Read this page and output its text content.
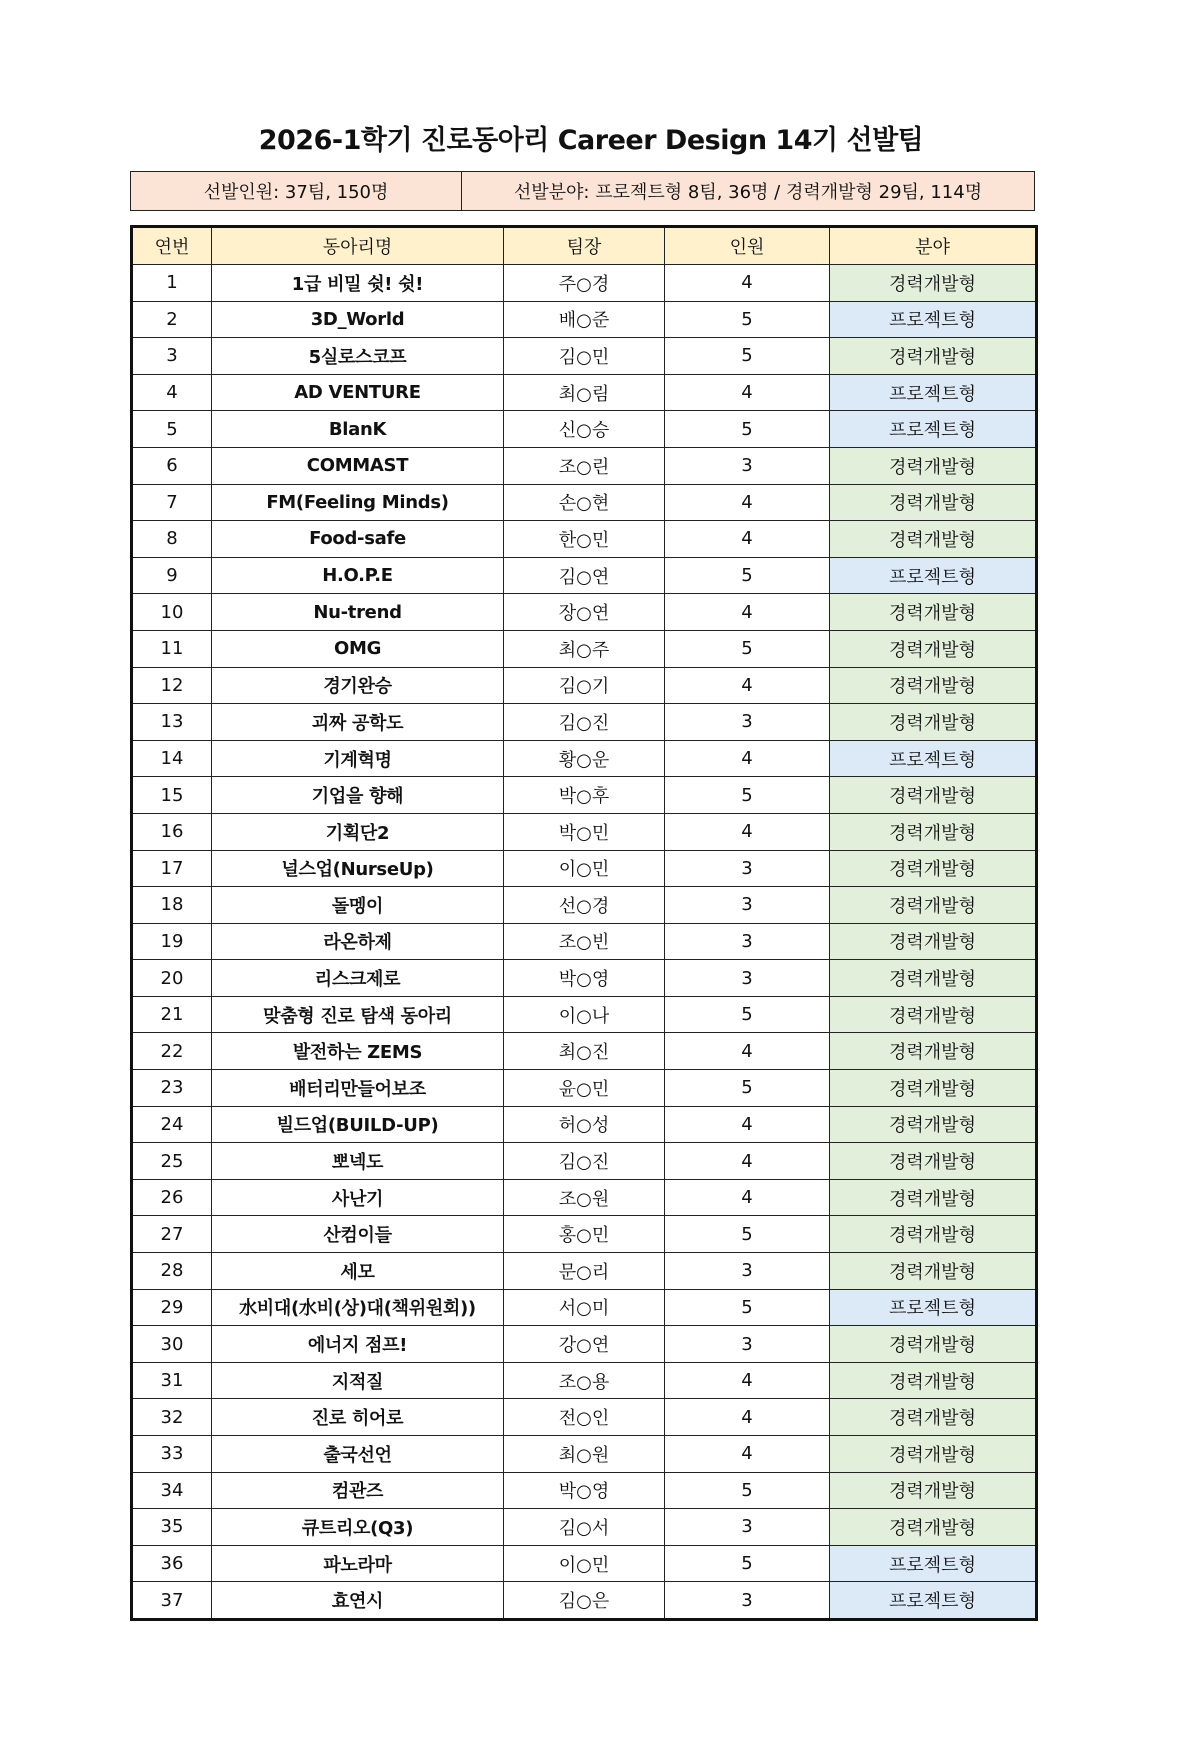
2026-1학기 진로동아리 Career Design 14기 선발팀
선발인원: 37팀, 150명	선발분야: 프로젝트형 8팀, 36명 / 경력개발형 29팀, 114명
연번	동아리명	팀장	인원	분야
1	1급 비밀 쉿! 쉿!	주○경	4	경력개발형
2	3D_World	배○준	5	프로젝트형
3	5실로스코프	김○민	5	경력개발형
4	AD VENTURE	최○림	4	프로젝트형
5	BlanK	신○승	5	프로젝트형
6	COMMAST	조○린	3	경력개발형
7	FM(Feeling Minds)	손○현	4	경력개발형
8	Food-safe	한○민	4	경력개발형
9	H.O.P.E	김○연	5	프로젝트형
10	Nu-trend	장○연	4	경력개발형
11	OMG	최○주	5	경력개발형
12	경기완승	김○기	4	경력개발형
13	괴짜 공학도	김○진	3	경력개발형
14	기계혁명	황○운	4	프로젝트형
15	기업을 향해	박○후	5	경력개발형
16	기획단2	박○민	4	경력개발형
17	널스업(NurseUp)	이○민	3	경력개발형
18	돌멩이	선○경	3	경력개발형
19	라온하제	조○빈	3	경력개발형
20	리스크제로	박○영	3	경력개발형
21	맞춤형 진로 탐색 동아리	이○나	5	경력개발형
22	발전하는 ZEMS	최○진	4	경력개발형
23	배터리만들어보조	윤○민	5	경력개발형
24	빌드업(BUILD-UP)	허○성	4	경력개발형
25	뽀넥도	김○진	4	경력개발형
26	사난기	조○원	4	경력개발형
27	산컴이들	홍○민	5	경력개발형
28	세모	문○리	3	경력개발형
29	水비대(水비(상)대(책위원회))	서○미	5	프로젝트형
30	에너지 점프!	강○연	3	경력개발형
31	지적질	조○용	4	경력개발형
32	진로 히어로	전○인	4	경력개발형
33	출국선언	최○원	4	경력개발형
34	컴관즈	박○영	5	경력개발형
35	큐트리오(Q3)	김○서	3	경력개발형
36	파노라마	이○민	5	프로젝트형
37	효연시	김○은	3	프로젝트형
